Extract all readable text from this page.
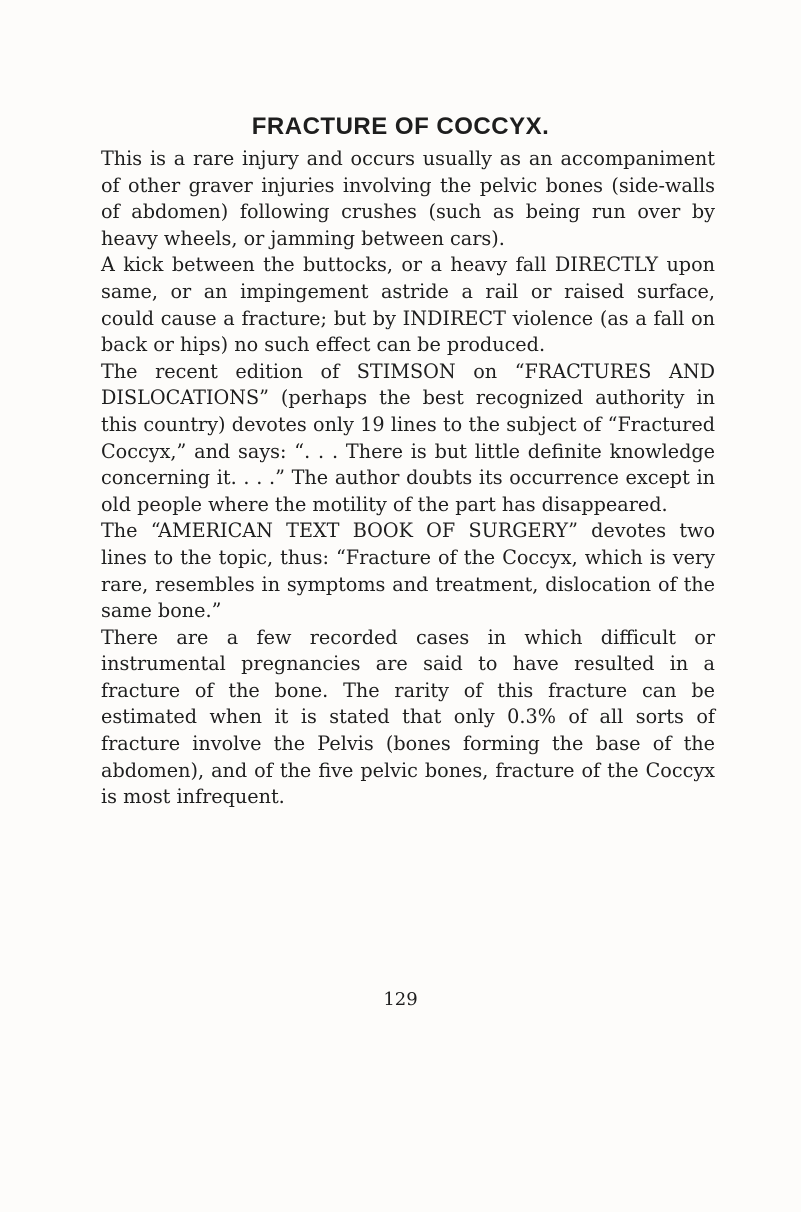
FRACTURE OF COCCYX.

This is a rare injury and occurs usually as an accompaniment of other graver injuries involving the pelvic bones (side-walls of abdomen) following crushes (such as being run over by heavy wheels, or jamming between cars).

A kick between the buttocks, or a heavy fall DIRECTLY upon same, or an impingement astride a rail or raised surface, could cause a fracture; but by INDIRECT violence (as a fall on back or hips) no such effect can be produced.

The recent edition of STIMSON on “FRACTURES AND DISLOCATIONS” (perhaps the best recognized authority in this country) devotes only 19 lines to the subject of “Fractured Coccyx,” and says: “. . . There is but little definite knowledge concerning it. . . .” The author doubts its occurrence except in old people where the motility of the part has disappeared.

The “AMERICAN TEXT BOOK OF SURGERY” devotes two lines to the topic, thus: “Fracture of the Coccyx, which is very rare, resembles in symptoms and treatment, dislocation of the same bone.”

There are a few recorded cases in which difficult or instrumental pregnancies are said to have resulted in a fracture of the bone. The rarity of this fracture can be estimated when it is stated that only 0.3% of all sorts of fracture involve the Pelvis (bones forming the base of the abdomen), and of the five pelvic bones, fracture of the Coccyx is most infrequent.

129
